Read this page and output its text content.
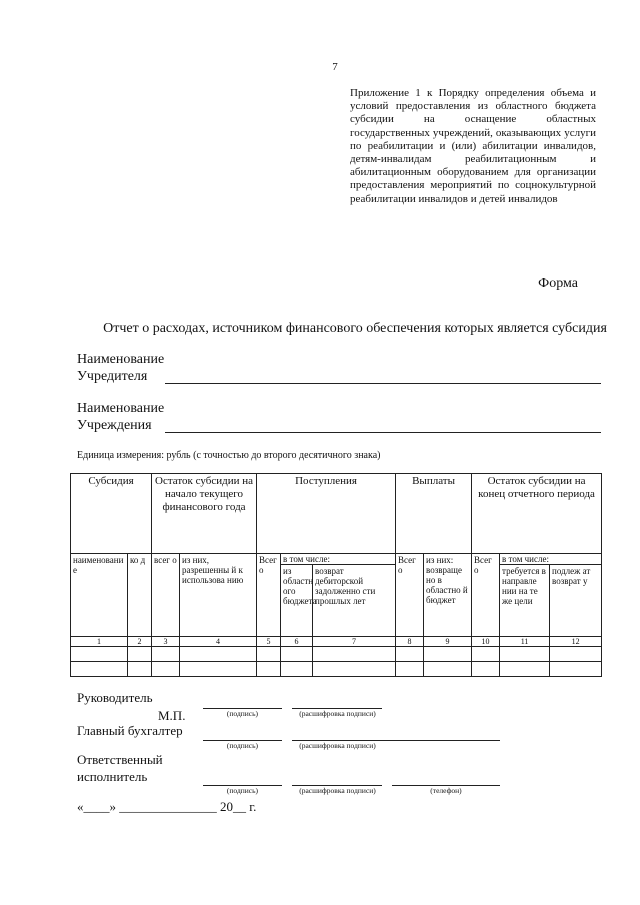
7
Приложение 1 к Порядку определения объема и условий предоставления из областного бюджета субсидии на оснащение областных государственных учреждений, оказывающих услуги по реабилитации и (или) абилитации инвалидов, детям-инвалидам реабилитационным и абилитационным оборудованием для организации предоставления мероприятий по соцнокультурной реабилитации инвалидов и детей инвалидов
Форма
Отчет о расходах, источником финансового обеспечения которых является субсидия
Наименование
Учредителя
Наименование
Учреждения
Единица измерения: рубль (с точностью до второго десятичного знака)
Субсидия		Остаток субсидии на начало текущего финансового года		Поступления			Выплаты		Остаток субсидии на конец отчетного периода		
наименовани е	ко д	всег о	из них, разрешенны й к использова нию	Всег о	в том числе:		Всег о	из них: возвраще но в областно й бюджет	Всег о	в том числе:	
					из областн ого бюджета	возврат дебиторской задолженно сти прошлых лет				требуется в направле нии на те же цели	подлеж ат возврат у
1	2	3	4	5	6	7	8	9	10	11	12

Руководитель
М.П.	(подпись)	(расшифровка подписи)
Главный бухгалтер
(подпись)	(расшифровка подписи)
Ответственный
исполнитель
(подпись)	(расшифровка подписи)	(телефон)
«____» _______________ 20__ г.
